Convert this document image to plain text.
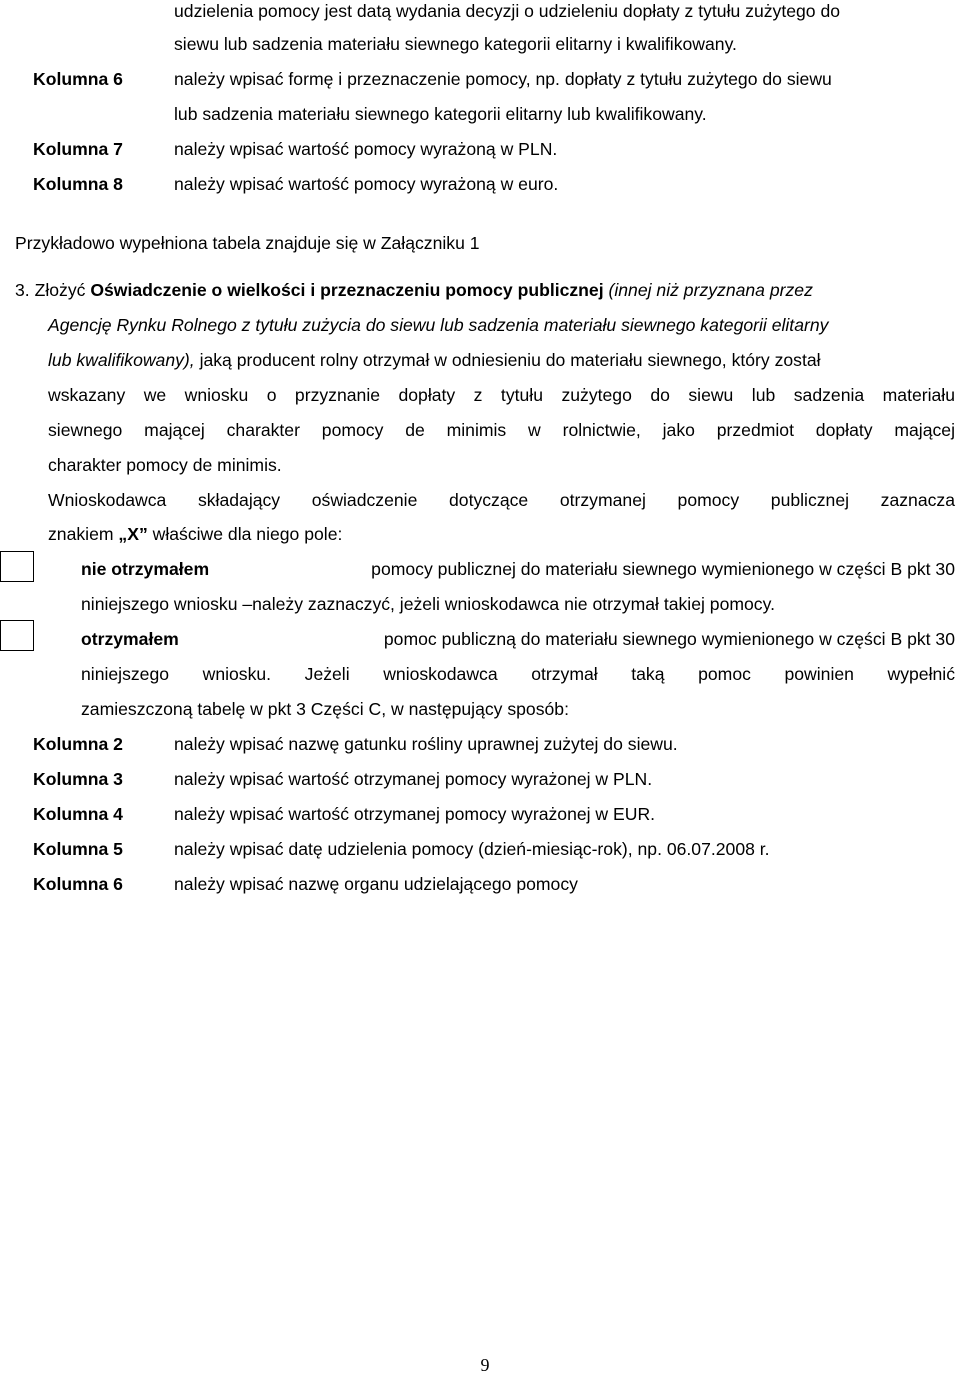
udzielenia pomocy jest datą wydania decyzji o udzieleniu dopłaty z tytułu zużytego do
siewu lub sadzenia materiału siewnego kategorii elitarny i kwalifikowany.
Kolumna 6	należy wpisać formę i przeznaczenie pomocy, np. dopłaty z tytułu zużytego do siewu
lub sadzenia materiału siewnego kategorii elitarny lub kwalifikowany.
Kolumna 7	należy wpisać wartość pomocy wyrażoną w PLN.
Kolumna 8	należy wpisać wartość pomocy wyrażoną w euro.
Przykładowo wypełniona tabela znajduje się w Załączniku 1
3. Złożyć Oświadczenie o wielkości i przeznaczeniu pomocy publicznej (innej niż przyznana przez
Agencję Rynku Rolnego z tytułu zużycia do siewu lub sadzenia materiału siewnego kategorii elitarny
lub kwalifikowany), jaką producent rolny otrzymał w odniesieniu do materiału siewnego, który został
wskazany we wniosku o przyznanie dopłaty z tytułu zużytego do siewu lub sadzenia materiału
siewnego mającej charakter pomocy de minimis w rolnictwie, jako przedmiot dopłaty mającej
charakter pomocy de minimis.
Wnioskodawca składający oświadczenie dotyczące otrzymanej pomocy publicznej zaznacza
znakiem „X” właściwe dla niego pole:
nie otrzymałem	pomocy publicznej do materiału siewnego wymienionego w części B pkt 30
niniejszego wniosku –należy zaznaczyć, jeżeli wnioskodawca nie otrzymał takiej pomocy.
otrzymałem	pomoc publiczną do materiału siewnego wymienionego w części B pkt 30
niniejszego wniosku. Jeżeli wnioskodawca otrzymał taką pomoc powinien wypełnić
zamieszczoną tabelę w pkt 3 Części C, w następujący sposób:
Kolumna 2	należy wpisać nazwę gatunku rośliny uprawnej zużytej do siewu.
Kolumna 3	należy wpisać wartość otrzymanej pomocy wyrażonej w PLN.
Kolumna 4	należy wpisać wartość otrzymanej pomocy wyrażonej w EUR.
Kolumna 5	należy wpisać datę udzielenia pomocy (dzień-miesiąc-rok), np. 06.07.2008 r.
Kolumna 6	należy wpisać nazwę organu udzielającego pomocy
9
